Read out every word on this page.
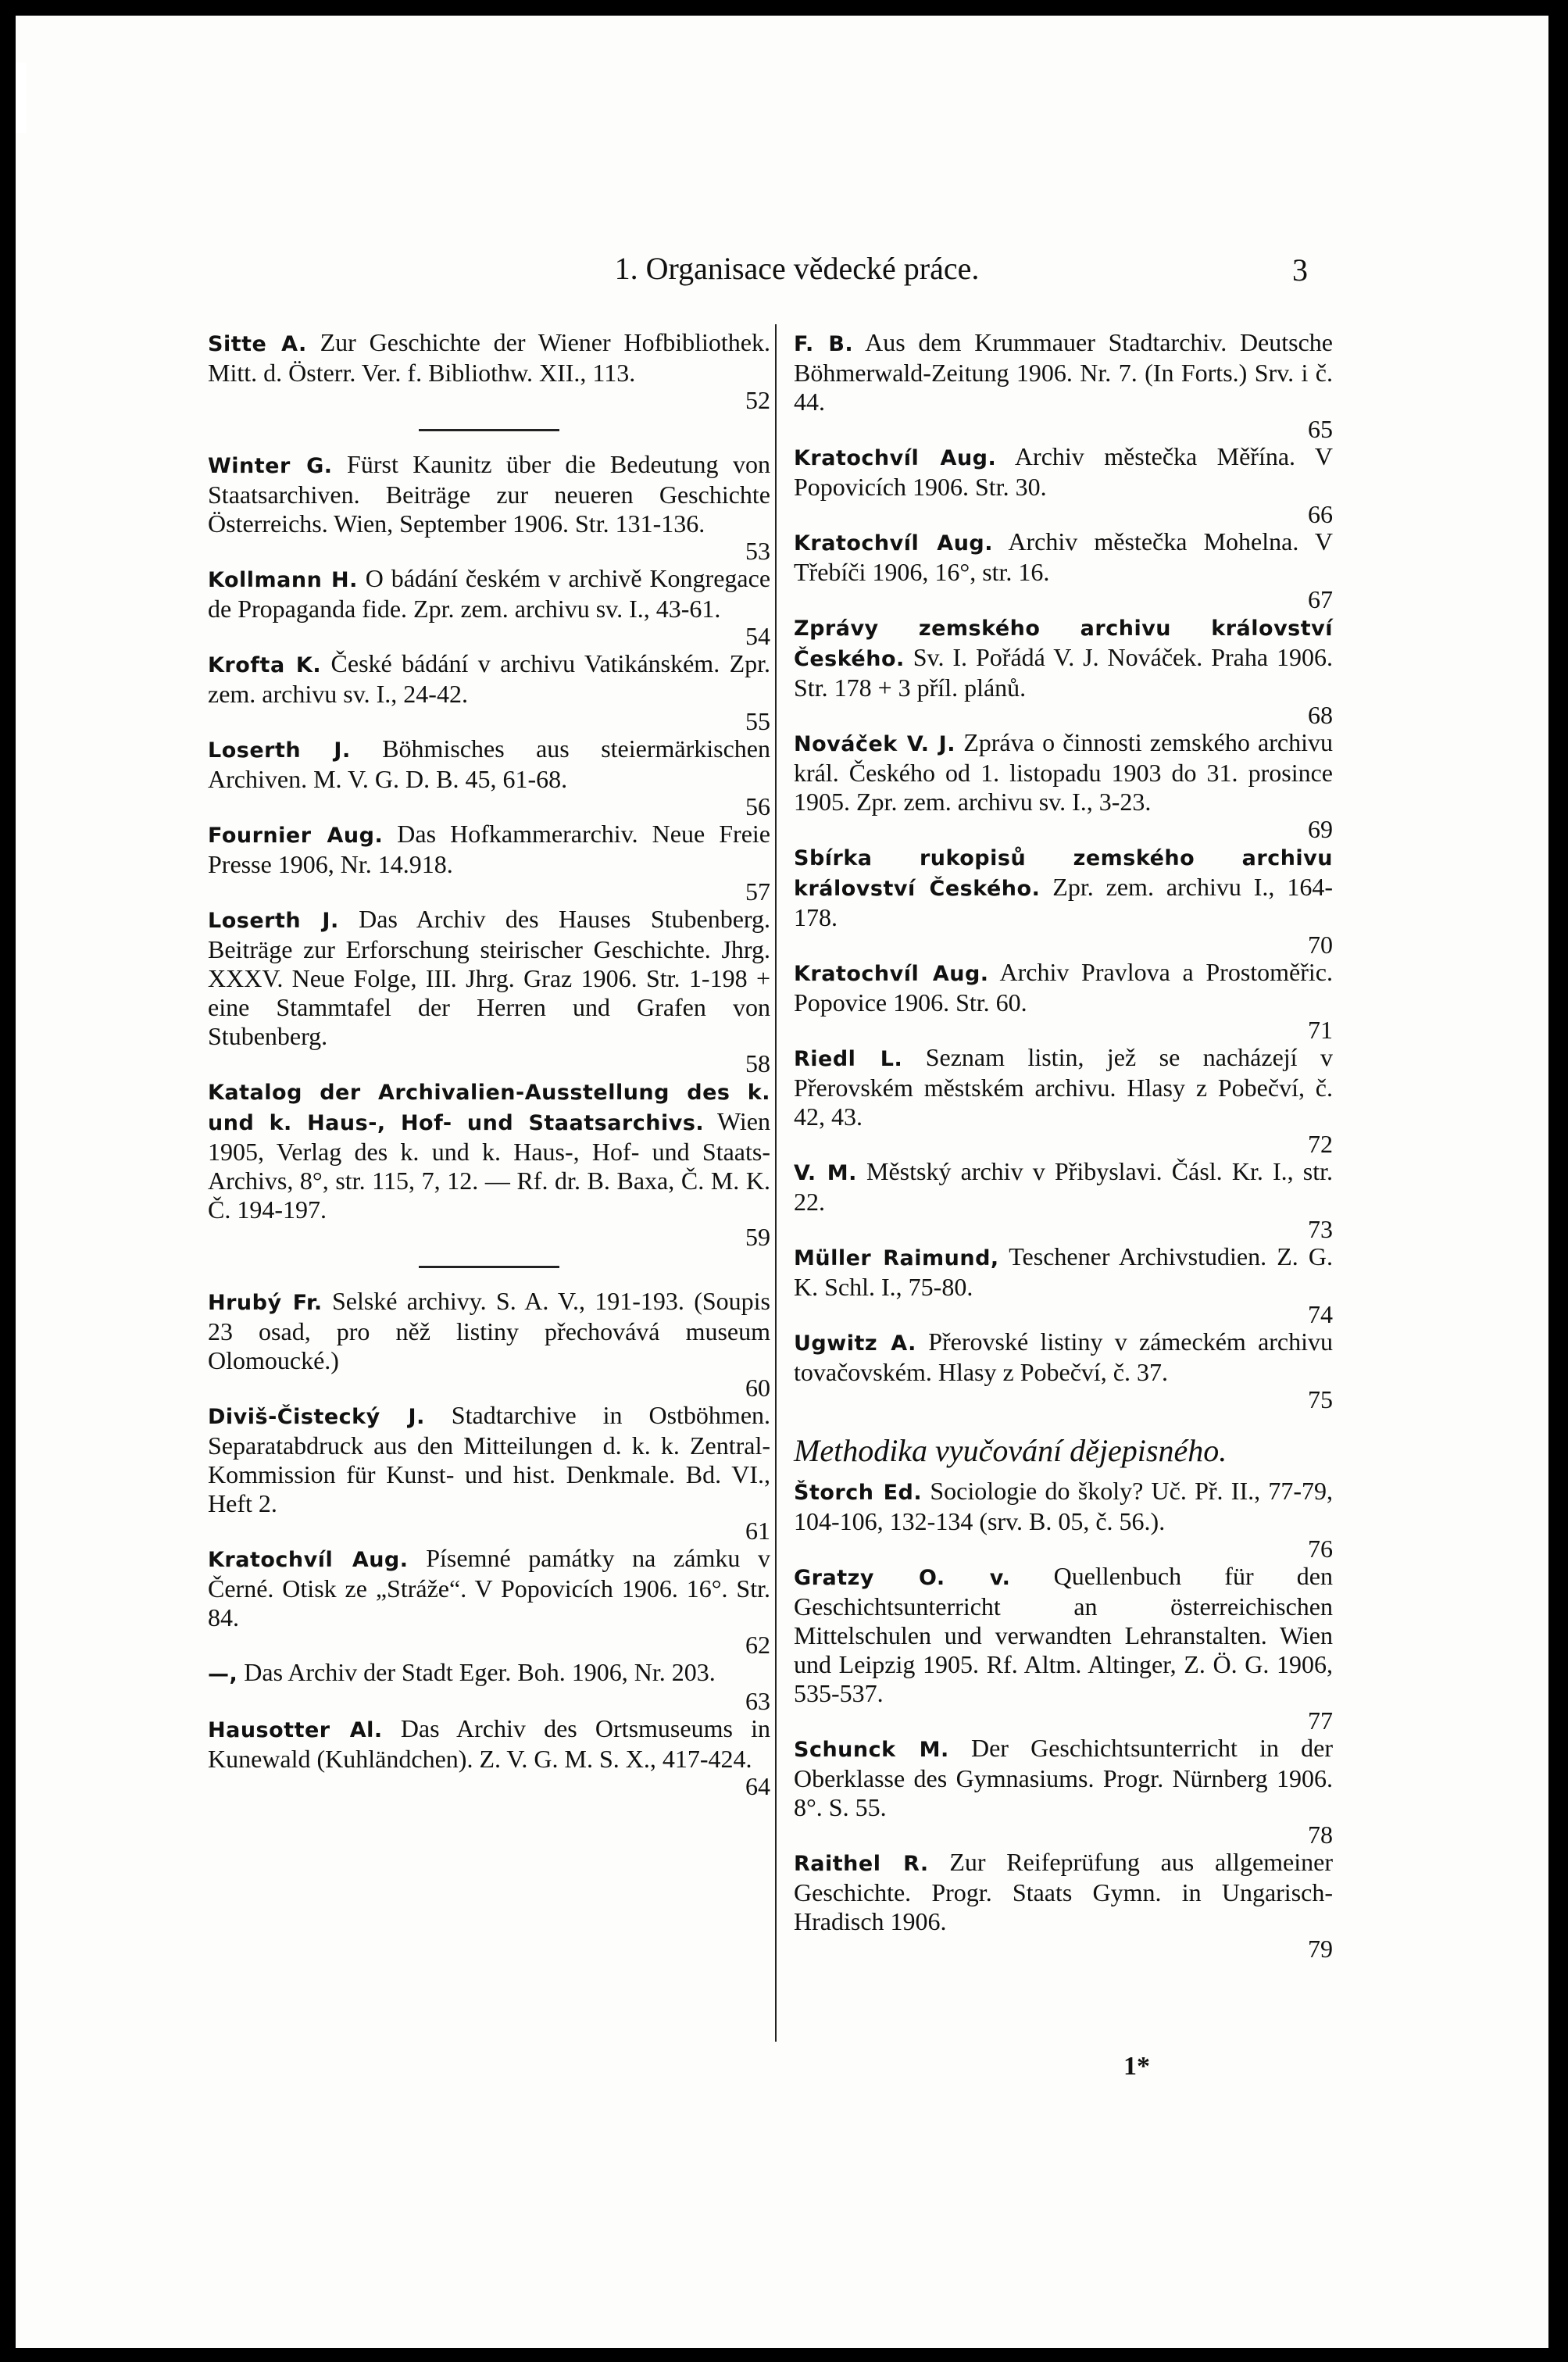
1. Organisace vědecké práce.	3

Sitte A. Zur Geschichte der Wiener Hofbibliothek. Mitt. d. Österr. Ver. f. Bibliothw. XII., 113.
52

Winter G. Fürst Kaunitz über die Bedeutung von Staatsarchiven. Beiträge zur neueren Geschichte Österreichs. Wien, September 1906. Str. 131-136.
53

Kollmann H. O bádání českém v archivě Kongregace de Propaganda fide. Zpr. zem. archivu sv. I., 43-61.
54

Krofta K. České bádání v archivu Vatikánském. Zpr. zem. archivu sv. I., 24-42.
55

Loserth J. Böhmisches aus steiermärkischen Archiven. M. V. G. D. B. 45, 61-68.
56

Fournier Aug. Das Hofkammerarchiv. Neue Freie Presse 1906, Nr. 14.918.
57

Loserth J. Das Archiv des Hauses Stubenberg. Beiträge zur Erforschung steirischer Geschichte. Jhrg. XXXV. Neue Folge, III. Jhrg. Graz 1906. Str. 1-198 + eine Stammtafel der Herren und Grafen von Stubenberg.
58

Katalog der Archivalien-Ausstellung des k. und k. Haus-, Hof- und Staatsarchivs. Wien 1905, Verlag des k. und k. Haus-, Hof- und Staats-Archivs, 8°, str. 115, 7, 12. — Rf. dr. B. Baxa, Č. M. K. Č. 194-197.
59

Hrubý Fr. Selské archivy. S. A. V., 191-193. (Soupis 23 osad, pro něž listiny přechovává museum Olomoucké.)
60

Diviš-Čistecký J. Stadtarchive in Ostböhmen. Separatabdruck aus den Mitteilungen d. k. k. Zentral-Kommission für Kunst- und hist. Denkmale. Bd. VI., Heft 2.
61

Kratochvíl Aug. Písemné památky na zámku v Černé. Otisk ze „Stráže“. V Popovicích 1906. 16°. Str. 84.
62

—, Das Archiv der Stadt Eger. Boh. 1906, Nr. 203.
63

Hausotter Al. Das Archiv des Ortsmuseums in Kunewald (Kuhländchen). Z. V. G. M. S. X., 417-424.
64

F. B. Aus dem Krummauer Stadtarchiv. Deutsche Böhmerwald-Zeitung 1906. Nr. 7. (In Forts.) Srv. i č. 44.
65

Kratochvíl Aug. Archiv městečka Měřína. V Popovicích 1906. Str. 30.
66

Kratochvíl Aug. Archiv městečka Mohelna. V Třebíči 1906, 16°, str. 16.
67

Zprávy zemského archivu království Českého. Sv. I. Pořádá V. J. Nováček. Praha 1906. Str. 178 + 3 příl. plánů.
68

Nováček V. J. Zpráva o činnosti zemského archivu král. Českého od 1. listopadu 1903 do 31. prosince 1905. Zpr. zem. archivu sv. I., 3-23.
69

Sbírka rukopisů zemského archivu království Českého. Zpr. zem. archivu I., 164-178.
70

Kratochvíl Aug. Archiv Pravlova a Prostoměřic. Popovice 1906. Str. 60.
71

Riedl L. Seznam listin, jež se nacházejí v Přerovském městském archivu. Hlasy z Pobečví, č. 42, 43.
72

V. M. Městský archiv v Přibyslavi. Čásl. Kr. I., str. 22.
73

Müller Raimund, Teschener Archivstudien. Z. G. K. Schl. I., 75-80.
74

Ugwitz A. Přerovské listiny v zámeckém archivu tovačovském. Hlasy z Pobečví, č. 37.
75

Methodika vyučování dějepisného.

Štorch Ed. Sociologie do školy? Uč. Př. II., 77-79, 104-106, 132-134 (srv. B. 05, č. 56.).
76

Gratzy O. v. Quellenbuch für den Geschichtsunterricht an österreichischen Mittelschulen und verwandten Lehranstalten. Wien und Leipzig 1905. Rf. Altm. Altinger, Z. Ö. G. 1906, 535-537.
77

Schunck M. Der Geschichtsunterricht in der Oberklasse des Gymnasiums. Progr. Nürnberg 1906. 8°. S. 55.
78

Raithel R. Zur Reifeprüfung aus allgemeiner Geschichte. Progr. Staats Gymn. in Ungarisch-Hradisch 1906.
79

1*
